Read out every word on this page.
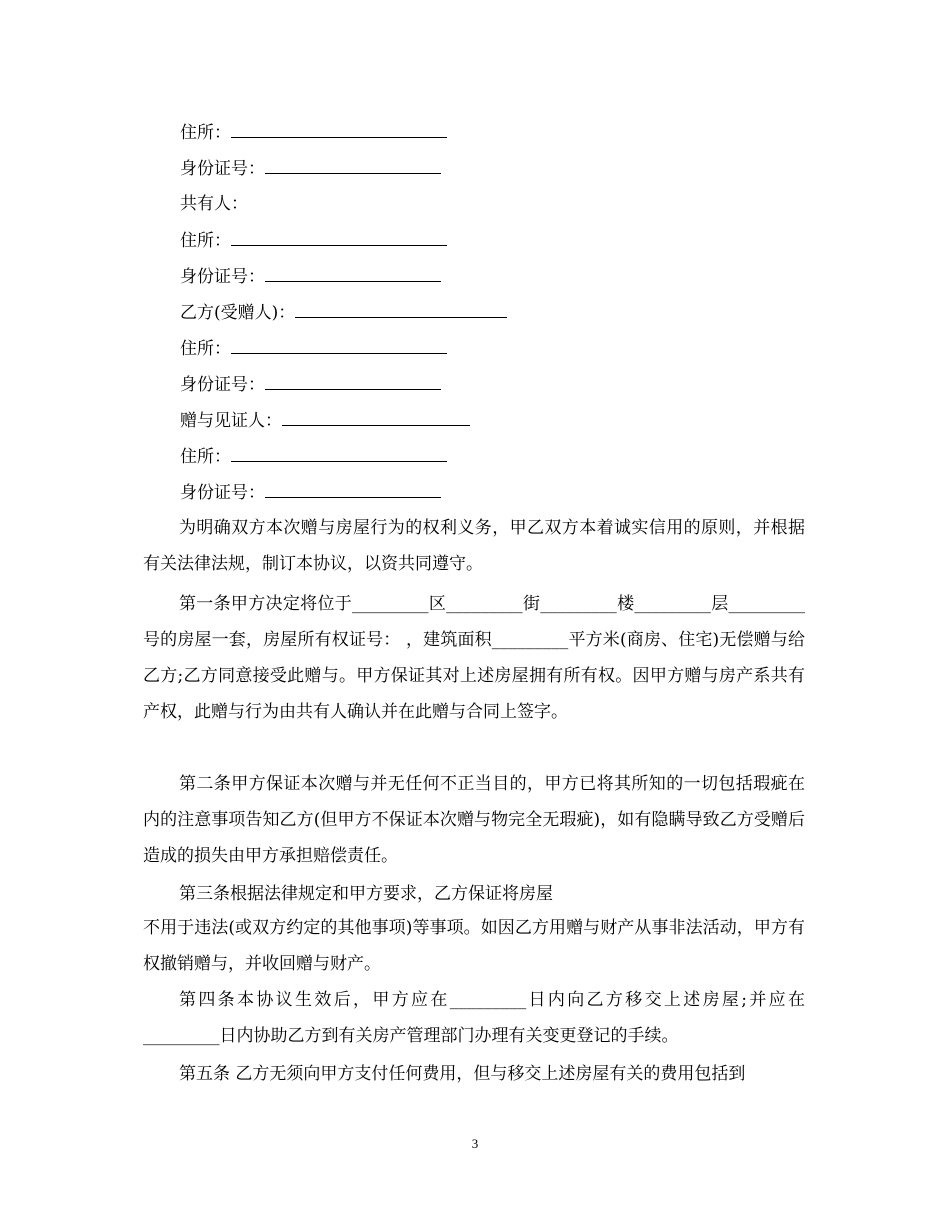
住所：
身份证号：
共有人：
住所：
身份证号：
乙方(受赠人)：
住所：
身份证号：
赠与见证人：
住所：
身份证号：

为明确双方本次赠与房屋行为的权利义务，甲乙双方本着诚实信用的原则，并根据有关法律法规，制订本协议，以资共同遵守。

第一条甲方决定将位于_________区_________街_________楼_________层_________号的房屋一套，房屋所有权证号： ，建筑面积_________平方米(商房、住宅)无偿赠与给乙方;乙方同意接受此赠与。甲方保证其对上述房屋拥有所有权。因甲方赠与房产系共有产权，此赠与行为由共有人确认并在此赠与合同上签字。

第二条甲方保证本次赠与并无任何不正当目的，甲方已将其所知的一切包括瑕疵在内的注意事项告知乙方(但甲方不保证本次赠与物完全无瑕疵)，如有隐瞒导致乙方受赠后造成的损失由甲方承担赔偿责任。

第三条根据法律规定和甲方要求，乙方保证将房屋

不用于违法(或双方约定的其他事项)等事项。如因乙方用赠与财产从事非法活动，甲方有权撤销赠与，并收回赠与财产。

第四条本协议生效后，甲方应在_________日内向乙方移交上述房屋;并应在_________日内协助乙方到有关房产管理部门办理有关变更登记的手续。

第五条 乙方无须向甲方支付任何费用，但与移交上述房屋有关的费用包括到

3
